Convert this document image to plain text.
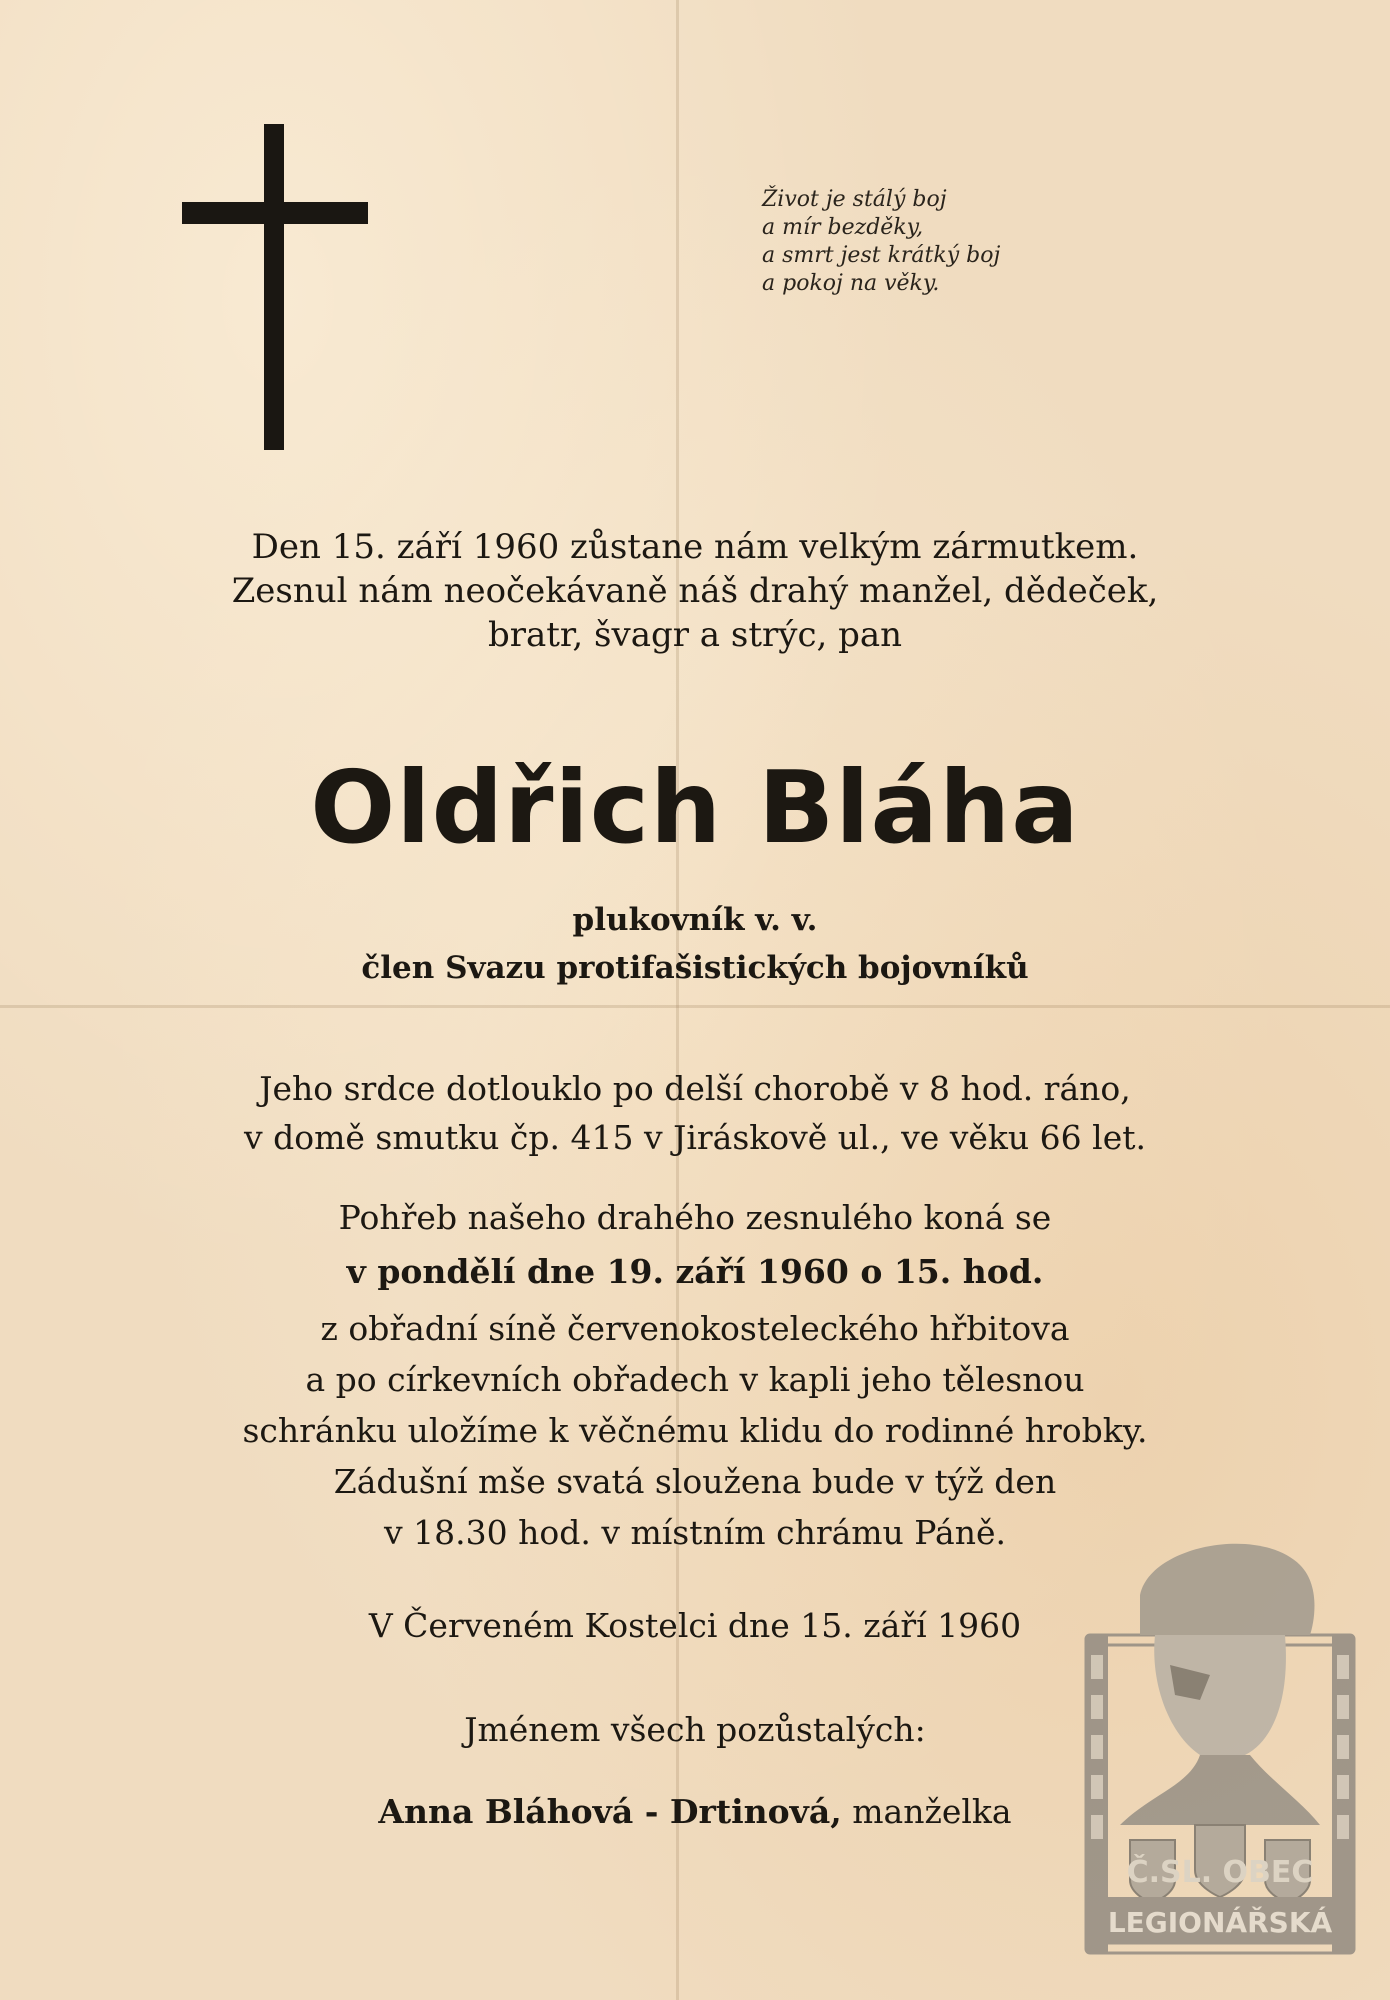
Život je stálý boj
a mír bezděky,
a smrt jest krátký boj
a pokoj na věky.
Den 15. září 1960 zůstane nám velkým zármutkem.
Zesnul nám neočekávaně náš drahý manžel, dědeček,
bratr, švagr a strýc, pan
Oldřich Bláha
plukovník v. v.
člen Svazu protifašistických bojovníků
Jeho srdce dotlouklo po delší chorobě v 8 hod. ráno,
v domě smutku čp. 415 v Jiráskově ul., ve věku 66 let.
Pohřeb našeho drahého zesnulého koná se
v pondělí dne 19. září 1960 o 15. hod.
z obřadní síně červenokosteleckého hřbitova
a po církevních obřadech v kapli jeho tělesnou
schránku uložíme k věčnému klidu do rodinné hrobky.
Zádušní mše svatá sloužena bude v týž den
v 18.30 hod. v místním chrámu Páně.
V Červeném Kostelci dne 15. září 1960
Jménem všech pozůstalých:
Anna Bláhová - Drtinová, manželka
Č.SL. OBEC
LEGIONÁŘSKÁ
